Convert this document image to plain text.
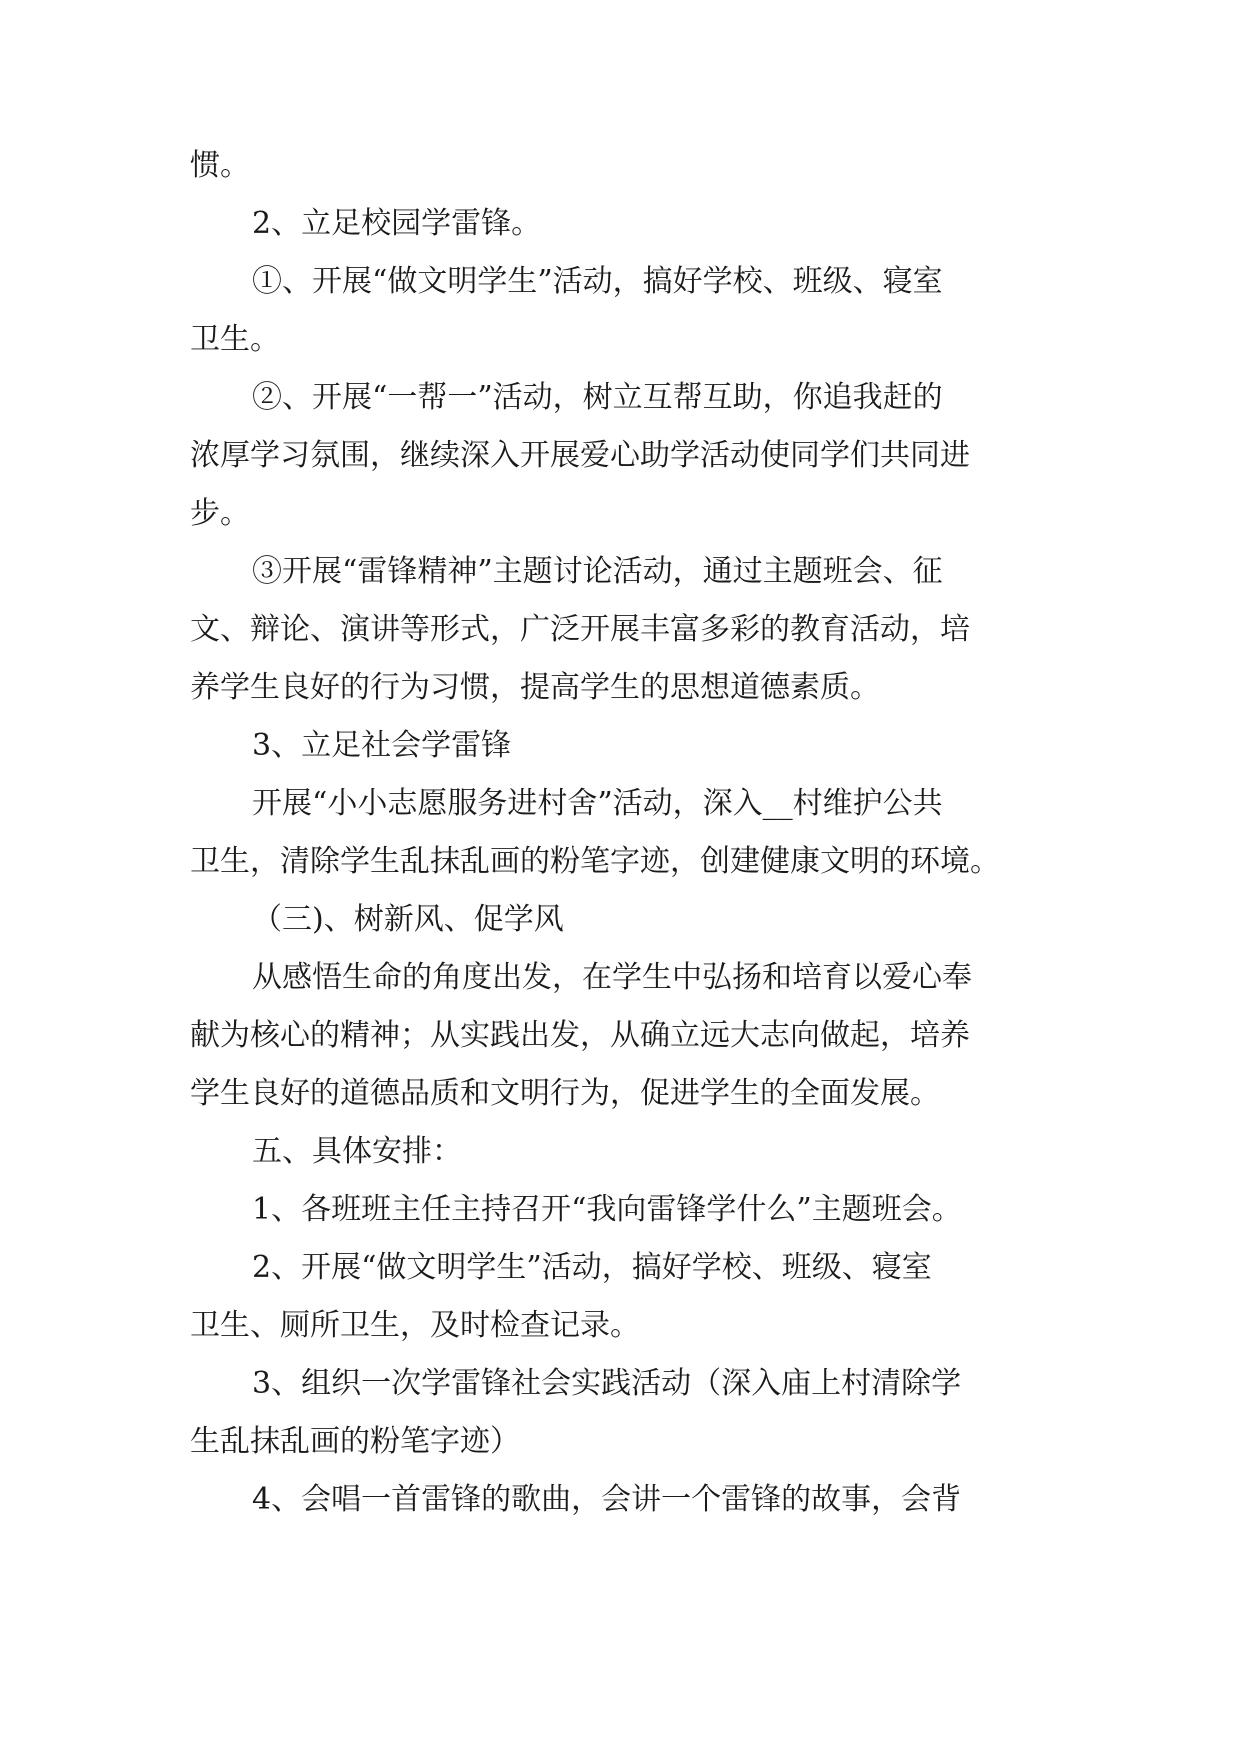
惯。

2、立足校园学雷锋。

①、开展“做文明学生”活动，搞好学校、班级、寝室

卫生。

②、开展“一帮一”活动，树立互帮互助，你追我赶的

浓厚学习氛围，继续深入开展爱心助学活动使同学们共同进

步。

③开展“雷锋精神”主题讨论活动，通过主题班会、征

文、辩论、演讲等形式，广泛开展丰富多彩的教育活动，培

养学生良好的行为习惯，提高学生的思想道德素质。

3、立足社会学雷锋

开展“小小志愿服务进村舍”活动，深入__村维护公共

卫生，清除学生乱抹乱画的粉笔字迹，创建健康文明的环境。

（三)、树新风、促学风

从感悟生命的角度出发，在学生中弘扬和培育以爱心奉

献为核心的精神；从实践出发，从确立远大志向做起，培养

学生良好的道德品质和文明行为，促进学生的全面发展。

五、具体安排：

1、各班班主任主持召开“我向雷锋学什么”主题班会。

2、开展“做文明学生”活动，搞好学校、班级、寝室

卫生、厕所卫生，及时检查记录。

3、组织一次学雷锋社会实践活动（深入庙上村清除学

生乱抹乱画的粉笔字迹）

4、会唱一首雷锋的歌曲，会讲一个雷锋的故事，会背
